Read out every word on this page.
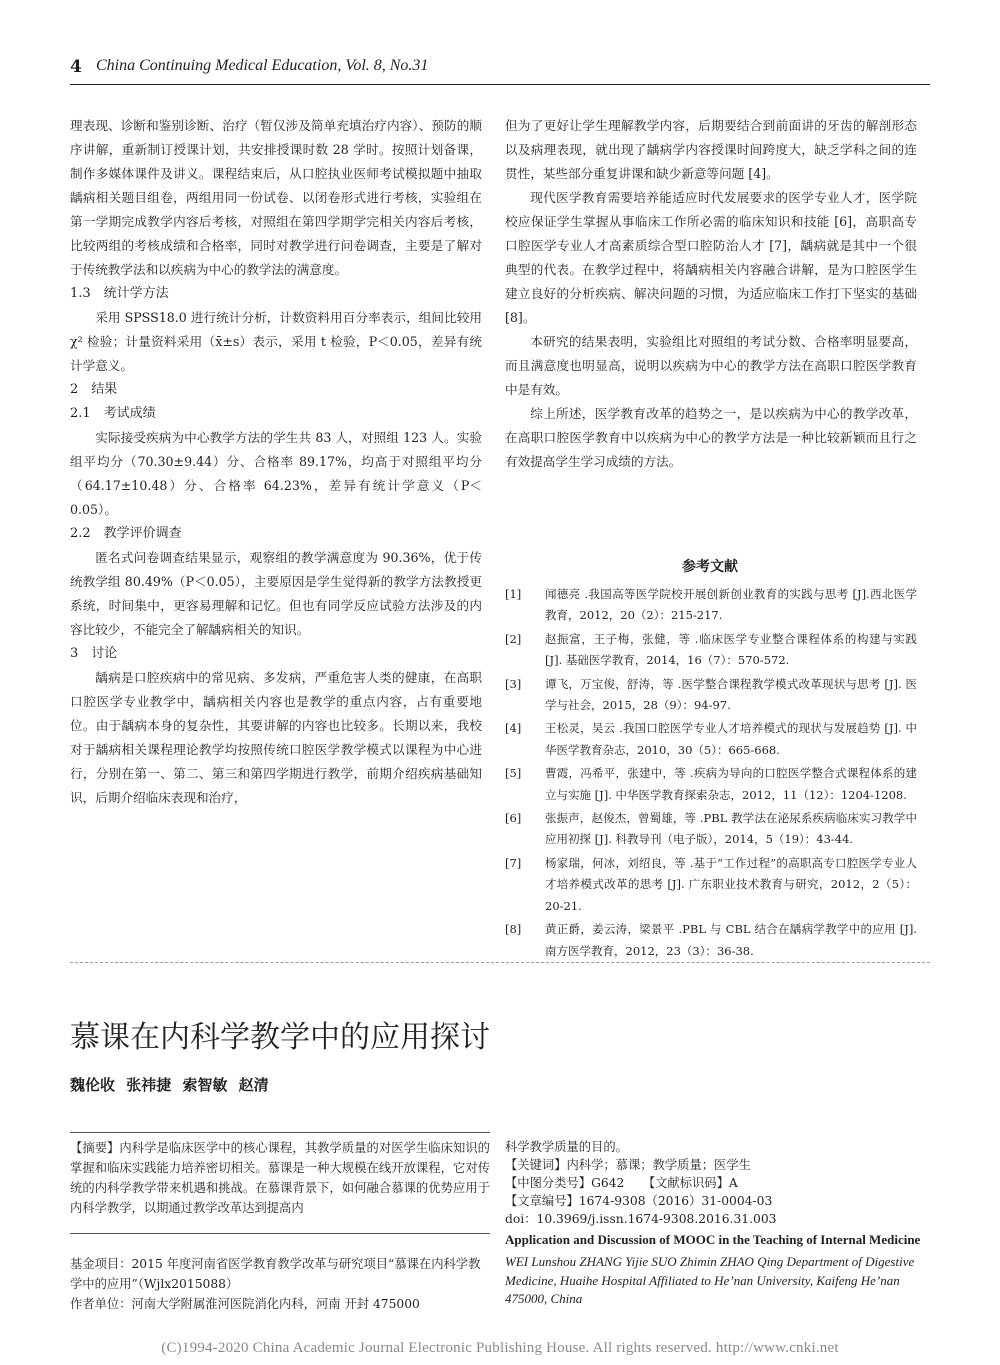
4 China Continuing Medical Education, Vol. 8, No.31

理表现、诊断和鉴别诊断、治疗（暂仅涉及简单充填治疗内容）、预防的顺序讲解，重新制订授课计划，共安排授课时数 28 学时。按照计划备课，制作多媒体课件及讲义。课程结束后，从口腔执业医师考试模拟题中抽取龋病相关题目组卷，两组用同一份试卷、以闭卷形式进行考核，实验组在第一学期完成教学内容后考核，对照组在第四学期学完相关内容后考核，比较两组的考核成绩和合格率，同时对教学进行问卷调查，主要是了解对于传统教学法和以疾病为中心的教学法的满意度。

1.3　统计学方法

采用 SPSS18.0 进行统计分析，计数资料用百分率表示，组间比较用 χ² 检验；计量资料采用（x̄±s）表示，采用 t 检验，P＜0.05，差异有统计学意义。

2　结果

2.1　考试成绩

实际接受疾病为中心教学方法的学生共 83 人，对照组 123 人。实验组平均分（70.30±9.44）分、合格率 89.17%，均高于对照组平均分（64.17±10.48）分、合格率 64.23%，差异有统计学意义（P＜0.05）。

2.2　教学评价调查

匿名式问卷调查结果显示，观察组的教学满意度为 90.36%，优于传统教学组 80.49%（P＜0.05），主要原因是学生觉得新的教学方法教授更系统，时间集中，更容易理解和记忆。但也有同学反应试验方法涉及的内容比较少，不能完全了解龋病相关的知识。

3　讨论

龋病是口腔疾病中的常见病、多发病，严重危害人类的健康，在高职口腔医学专业教学中，龋病相关内容也是教学的重点内容，占有重要地位。由于龋病本身的复杂性，其要讲解的内容也比较多。长期以来，我校对于龋病相关课程理论教学均按照传统口腔医学教学模式以课程为中心进行，分别在第一、第二、第三和第四学期进行教学，前期介绍疾病基础知识，后期介绍临床表现和治疗，

但为了更好让学生理解教学内容，后期要结合到前面讲的牙齿的解剖形态以及病理表现，就出现了龋病学内容授课时间跨度大，缺乏学科之间的连贯性，某些部分重复讲课和缺少新意等问题 [4]。

现代医学教育需要培养能适应时代发展要求的医学专业人才，医学院校应保证学生掌握从事临床工作所必需的临床知识和技能 [6]，高职高专口腔医学专业人才高素质综合型口腔防治人才 [7]，龋病就是其中一个很典型的代表。在教学过程中，将龋病相关内容融合讲解，是为口腔医学生建立良好的分析疾病、解决问题的习惯，为适应临床工作打下坚实的基础 [8]。

本研究的结果表明，实验组比对照组的考试分数、合格率明显要高，而且满意度也明显高，说明以疾病为中心的教学方法在高职口腔医学教育中是有效。

综上所述，医学教育改革的趋势之一，是以疾病为中心的教学改革，在高职口腔医学教育中以疾病为中心的教学方法是一种比较新颖而且行之有效提高学生学习成绩的方法。

参考文献
[1] 闻德亮 .我国高等医学院校开展创新创业教育的实践与思考 [J].西北医学教育，2012，20（2）：215-217.
[2] 赵振富，王子梅，张健，等 .临床医学专业整合课程体系的构建与实践 [J]. 基础医学教育，2014，16（7）：570-572.
[3] 谭飞，万宝俊，舒涛，等 .医学整合课程教学模式改革现状与思考 [J]. 医学与社会，2015，28（9）：94-97.
[4] 王松灵，吴云 .我国口腔医学专业人才培养模式的现状与发展趋势 [J]. 中华医学教育杂志，2010，30（5）：665-668.
[5] 曹霞，冯希平，张建中，等 .疾病为导向的口腔医学整合式课程体系的建立与实施 [J]. 中华医学教育探索杂志，2012，11（12）：1204-1208.
[6] 张振声，赵俊杰，曾蜀雄，等 .PBL 教学法在泌尿系疾病临床实习教学中应用初探 [J]. 科教导刊（电子版），2014，5（19）：43-44.
[7] 杨家瑞，何冰，刘绍良，等 .基于“工作过程”的高职高专口腔医学专业人才培养模式改革的思考 [J]. 广东职业技术教育与研究，2012，2（5）：20-21.
[8] 黄正爵，姜云涛，梁景平 .PBL 与 CBL 结合在龋病学教学中的应用 [J]. 南方医学教育，2012，23（3）：36-38.
慕课在内科学教学中的应用探讨
魏伦收 张祎捷 索智敏 赵清
【摘要】内科学是临床医学中的核心课程，其教学质量的对医学生临床知识的掌握和临床实践能力培养密切相关。慕课是一种大规模在线开放课程，它对传统的内科学教学带来机遇和挑战。在慕课背景下，如何融合慕课的优势应用于内科学教学，以期通过教学改革达到提高内
基金项目：2015 年度河南省医学教育教学改革与研究项目“慕课在内科学教学中的应用”（Wjlx2015088）
作者单位：河南大学附属淮河医院消化内科，河南 开封 475000

科学教学质量的目的。

【关键词】内科学；慕课；教学质量；医学生

【中图分类号】G642　　【文献标识码】A

【文章编号】1674-9308（2016）31-0004-03

doi：10.3969/j.issn.1674-9308.2016.31.003

Application and Discussion of MOOC in the Teaching of Internal Medicine

WEI Lunshou ZHANG Yijie SUO Zhimin ZHAO Qing Department of Digestive Medicine, Huaihe Hospital Affiliated to He’nan University, Kaifeng He’nan 475000, China

(C)1994-2020 China Academic Journal Electronic Publishing House. All rights reserved. http://www.cnki.net
